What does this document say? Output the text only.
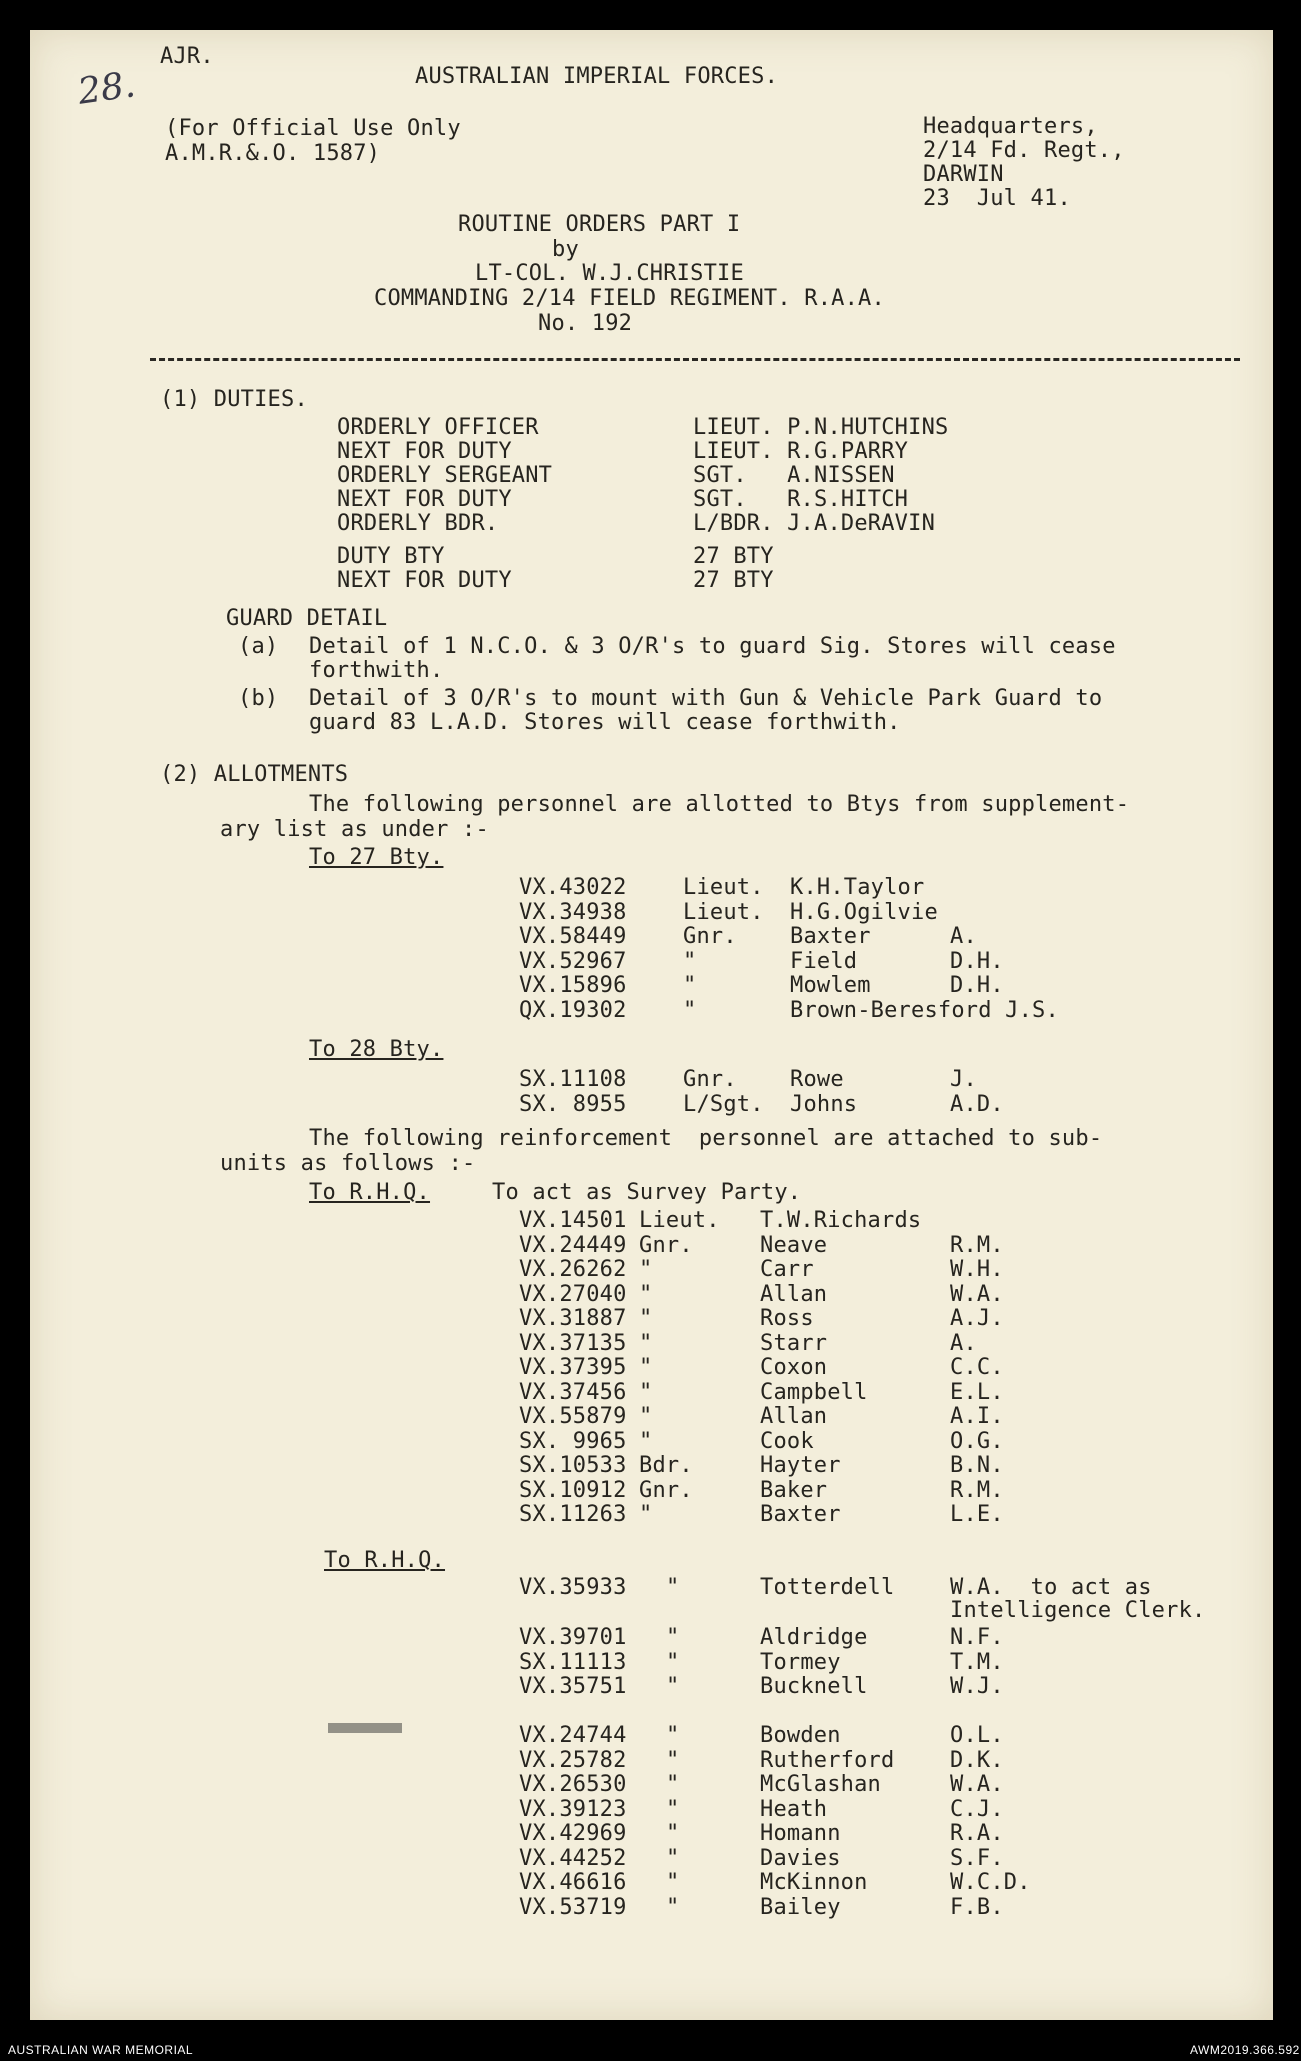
AJR.
28.	AUSTRALIAN IMPERIAL FORCES.
(For Official Use Only
A.M.R.&.O. 1587)
Headquarters,
2/14 Fd. Regt.,
DARWIN
23  Jul 41.
ROUTINE ORDERS PART I
by
LT-COL. W.J.CHRISTIE
COMMANDING 2/14 FIELD REGIMENT. R.A.A.
No. 192
(1) DUTIES.
ORDERLY OFFICER	LIEUT. P.N.HUTCHINS
NEXT FOR DUTY	LIEUT. R.G.PARRY
ORDERLY SERGEANT	SGT.   A.NISSEN
NEXT FOR DUTY	SGT.   R.S.HITCH
ORDERLY BDR.	L/BDR. J.A.DeRAVIN
DUTY BTY	27 BTY
NEXT FOR DUTY	27 BTY
GUARD DETAIL
(a) Detail of 1 N.C.O. & 3 O/R's to guard Sig. Stores will cease
forthwith.
(b) Detail of 3 O/R's to mount with Gun & Vehicle Park Guard to
guard 83 L.A.D. Stores will cease forthwith.
(2) ALLOTMENTS
The following personnel are allotted to Btys from supplement-
ary list as under :-
To 27 Bty.
VX.43022	Lieut. K.H.Taylor
VX.34938	Lieut. H.G.Ogilvie
VX.58449	Gnr. Baxter	A.
VX.52967	"	Field	D.H.
VX.15896	"	Mowlem	D.H.
QX.19302	"	Brown-Beresford J.S.
To 28 Bty.
SX.11108	Gnr. Rowe	J.
SX. 8955	L/Sgt. Johns	A.D.
The following reinforcement  personnel are attached to sub-
units as follows :-
To R.H.Q.	To act as Survey Party.
VX.14501 Lieut. T.W.Richards
VX.24449 Gnr.	Neave	R.M.
VX.26262 "	Carr	W.H.
VX.27040 "	Allan	W.A.
VX.31887 "	Ross	A.J.
VX.37135 "	Starr	A.
VX.37395 "	Coxon	C.C.
VX.37456 "	Campbell	E.L.
VX.55879 "	Allan	A.I.
SX. 9965 "	Cook	O.G.
SX.10533 Bdr.	Hayter	B.N.
SX.10912 Gnr.	Baker	R.M.
SX.11263 "	Baxter	L.E.
To R.H.Q.
VX.35933 "	Totterdell	W.A.  to act as
Intelligence Clerk.
VX.39701 "	Aldridge	N.F.
SX.11113 "	Tormey	T.M.
VX.35751 "	Bucknell	W.J.
VX.24744 "	Bowden	O.L.
VX.25782 "	Rutherford	D.K.
VX.26530 "	McGlashan	W.A.
VX.39123 "	Heath	C.J.
VX.42969 "	Homann	R.A.
VX.44252 "	Davies	S.F.
VX.46616 "	McKinnon	W.C.D.
VX.53719 "	Bailey	F.B.
AUSTRALIAN WAR MEMORIAL	AWM2019.366.592
